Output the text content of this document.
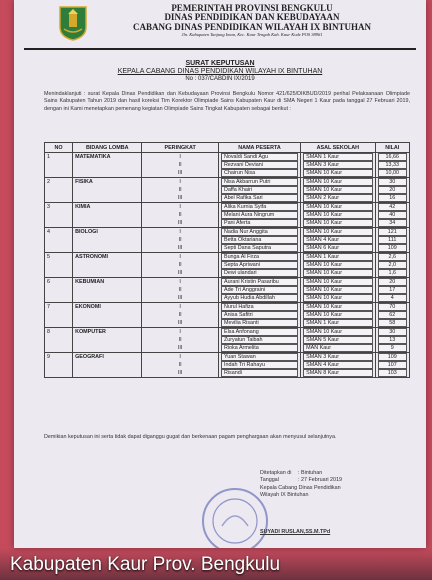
PEMERINTAH PROVINSI BENGKULU
DINAS PENDIDIKAN DAN KEBUDAYAAN
CABANG DINAS PENDIDIKAN WILAYAH IX BINTUHAN
Jln. Kabupaten Tanjung Iman, Kec. Kaur Tengah Kab. Kaur Kode POS 38961
SURAT KEPUTUSAN
KEPALA CABANG DINAS PENDIDIKAN WILAYAH IX BINTUHAN
No : 037/CABDIN IX/2019
Menindaklanjuti : surat Kepala Dinas Pendidikan dan Kebudayaan Provinsi Bengkulu Nomor 421/625/DIKBUD/2019 perihal Pelaksanaan Olimpiade Sains Kabupaten Tahun 2019 dan hasil koreksi Tim Korektor Olimpiade Sains Kabupaten Kaur di SMA Negeri 1 Kaur pada tanggal 27 Februari 2019, dengan ini Kami menetapkan pemenang kegiatan Olimpiade Sains Tingkat Kabupaten sebagai berikut :
NO	BIDANG LOMBA	PERINGKAT	NAMA PESERTA	ASAL SEKOLAH	NILAI
1	MATEMATIKA	I	Novaldi Sandi Agu	SMAN 1 Kaur	16,66

		II	Rezvani Deviani	SMAN 3 Kaur	13,33

		III	Chairun Nisa	SMAN 10 Kaur	10,00

2	FISIKA	I	Nisa Akbarrun Putri	SMAN 10 Kaur	30

		II	Daffa Khairi	SMAN 10 Kaur	20

		III	Abel Rafika Sari	SMAN 2 Kaur	16

3	KIMIA	I	Alika Kurnia Syifa	SMAN 10 Kaur	42

		II	Melani Aura Ningrum	SMAN 10 Kaur	40

		III	Pani Aferta	SMAN 10 Kaur	34

4	BIOLOGI	I	Nadia Nur Anggita	SMAN 10 Kaur	121

		II	Betta Oktariana	SMAN 4 Kaur	111

		III	Septi Dana Saputra	SMAN 6 Kaur	109

5	ASTRONOMI	I	Bunga Al Firza	SMAN 1 Kaur	2,6

		II	Septa Apriwani	SMAN 10 Kaur	2,0

		III	Dewi ulandari	SMAN 10 Kaur	1,6

6	KEBUMIAN	I	Aurani Kristin Pasaribu	SMAN 10 Kaur	20

		II	Ade Tri Anggraini	SMAN 10 Kaur	17

		III	Ayyub Hudia Abdillah	SMAN 10 Kaur	4

7	EKONOMI	I	Nurul Hafiza	SMAN 10 Kaur	70

		II	Anisa Safitri	SMAN 10 Kaur	62

		III	Mevilia Risanti	SMAN 1 Kaur	58

8	KOMPUTER	I	Elsa Anfonang	SMAN 10 Kaur	30

		II	Zuryatun Taibah	SMAN 5 Kaur	13

		III	Rioka Armelita	MAN Kaur	9

9	GEOGRAFI	I	Yuan Stawan	SMAN 3 Kaur	109

		II	Indah Tri Rahayu	SMAN 4 Kaur	107

		III	Risandi	SMAN 8 Kaur	103
Demikian keputusan ini serta tidak dapat diganggu gugat dan berkenaan pagam penghargaan akan menyusul selanjutnya.
Ditetapkan di	: Bintuhan
Tanggal	: 27 Februari 2019
Kepala Cabang Dinas Pendidikan
Wilayah IX Bintuhan
SUYADI RUSLAN,SS.M.TPd
Kabupaten Kaur Prov. Bengkulu
